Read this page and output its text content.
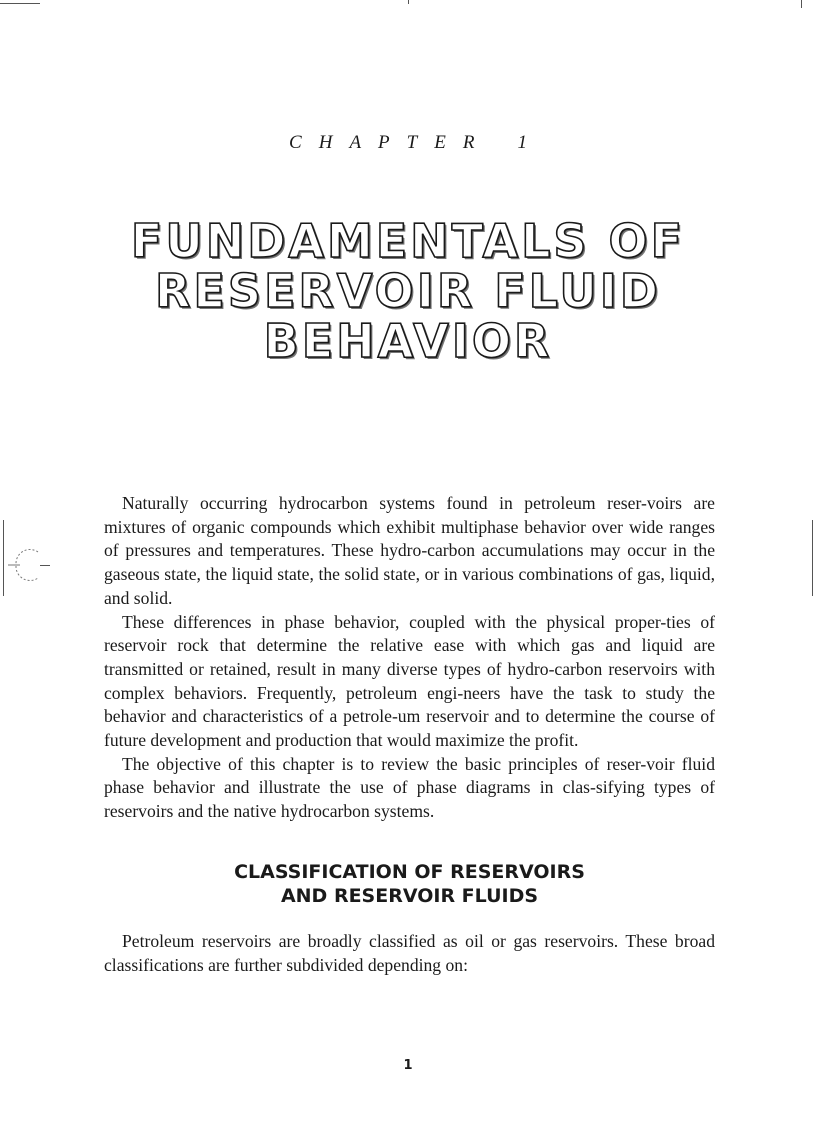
CHAPTER 1
FUNDAMENTALS OF
RESERVOIR FLUID
BEHAVIOR

Naturally occurring hydrocarbon systems found in petroleum reser-voirs are mixtures of organic compounds which exhibit multiphase behavior over wide ranges of pressures and temperatures. These hydro-carbon accumulations may occur in the gaseous state, the liquid state, the solid state, or in various combinations of gas, liquid, and solid.

These differences in phase behavior, coupled with the physical proper-ties of reservoir rock that determine the relative ease with which gas and liquid are transmitted or retained, result in many diverse types of hydro-carbon reservoirs with complex behaviors. Frequently, petroleum engi-neers have the task to study the behavior and characteristics of a petrole-um reservoir and to determine the course of future development and production that would maximize the profit.

The objective of this chapter is to review the basic principles of reser-voir fluid phase behavior and illustrate the use of phase diagrams in clas-sifying types of reservoirs and the native hydrocarbon systems.

CLASSIFICATION OF RESERVOIRS
AND RESERVOIR FLUIDS

Petroleum reservoirs are broadly classified as oil or gas reservoirs. These broad classifications are further subdivided depending on:

1
